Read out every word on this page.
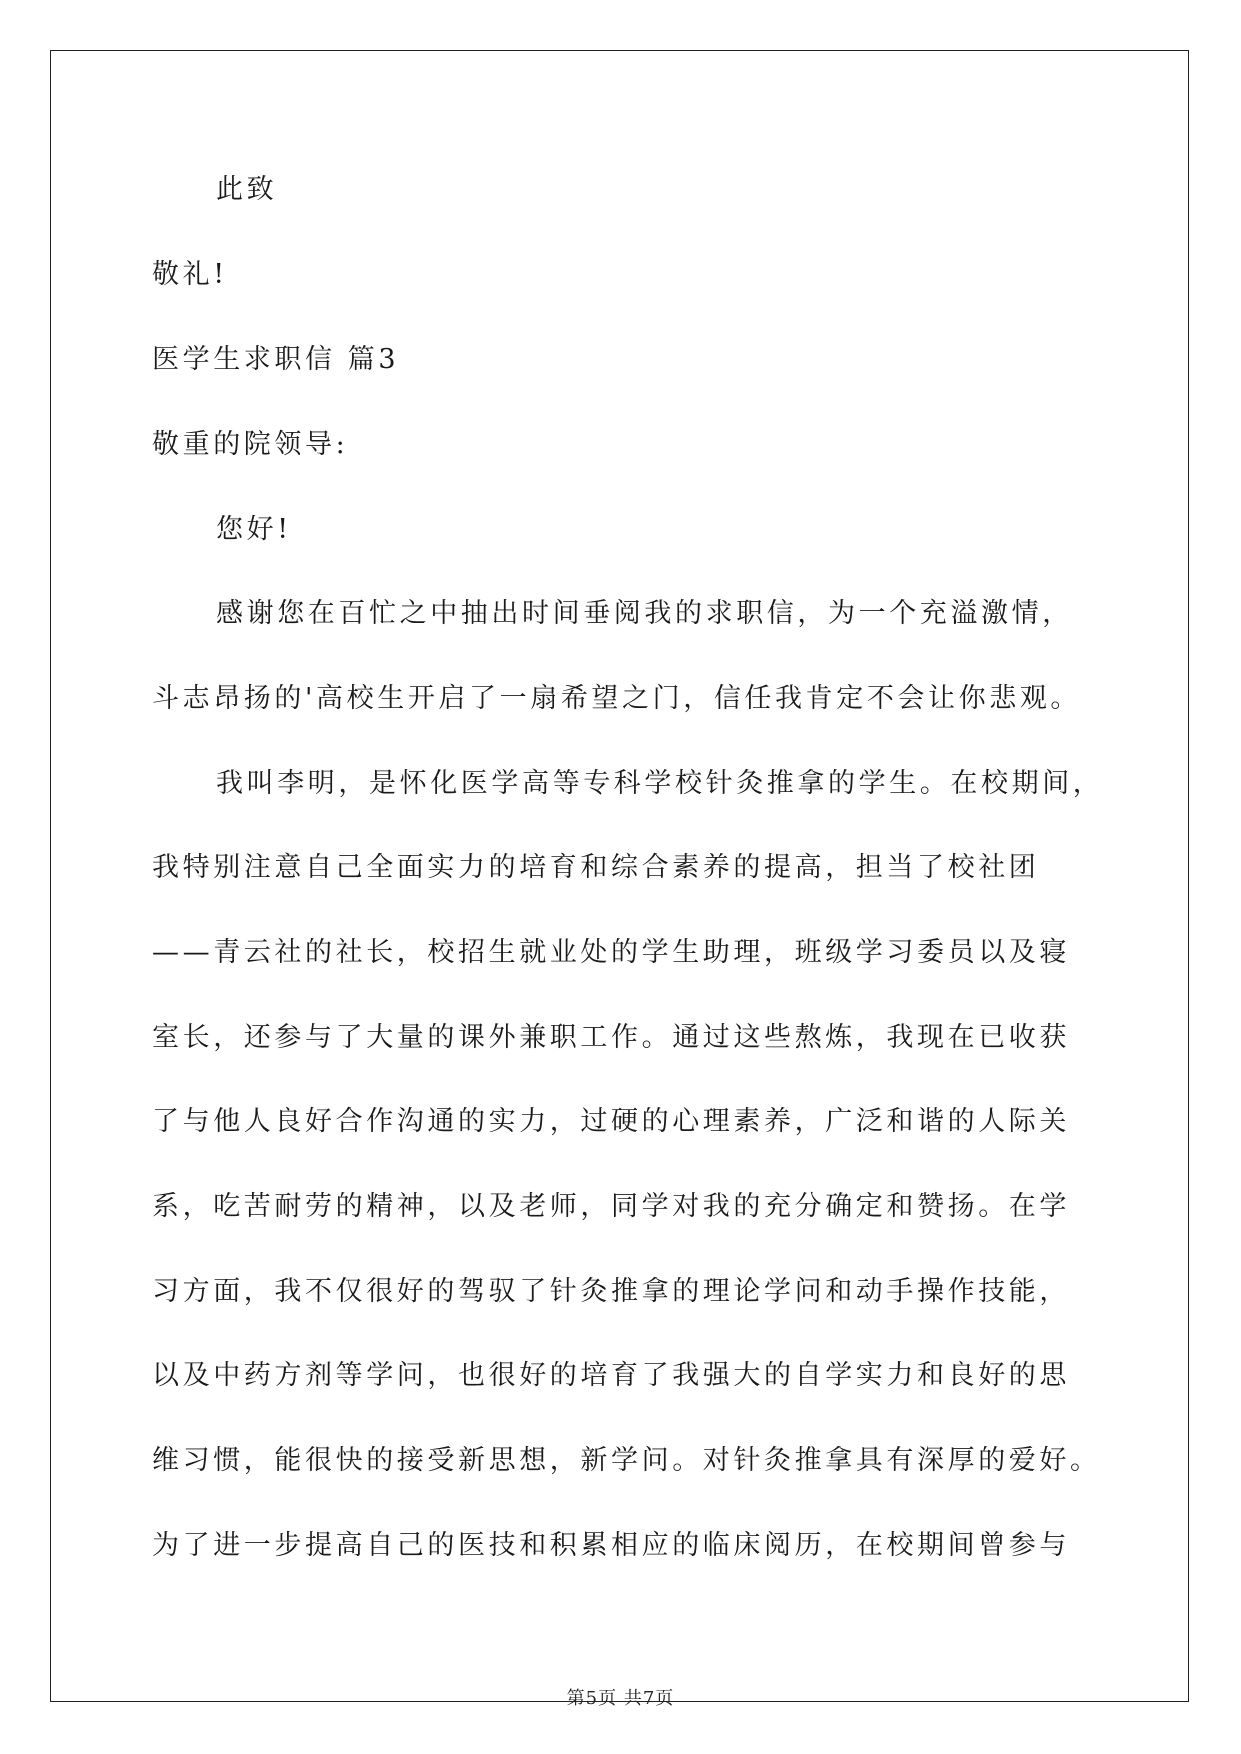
此致
敬礼!
医学生求职信 篇3
敬重的院领导:
您好!
感谢您在百忙之中抽出时间垂阅我的求职信，为一个充溢激情，
斗志昂扬的'高校生开启了一扇希望之门，信任我肯定不会让你悲观。
我叫李明，是怀化医学高等专科学校针灸推拿的学生。在校期间，
我特别注意自己全面实力的培育和综合素养的提高，担当了校社团
——青云社的社长，校招生就业处的学生助理，班级学习委员以及寝
室长，还参与了大量的课外兼职工作。通过这些熬炼，我现在已收获
了与他人良好合作沟通的实力，过硬的心理素养，广泛和谐的人际关
系，吃苦耐劳的精神，以及老师，同学对我的充分确定和赞扬。在学
习方面，我不仅很好的驾驭了针灸推拿的理论学问和动手操作技能，
以及中药方剂等学问，也很好的培育了我强大的自学实力和良好的思
维习惯，能很快的接受新思想，新学问。对针灸推拿具有深厚的爱好。
为了进一步提高自己的医技和积累相应的临床阅历，在校期间曾参与
第5页 共7页
